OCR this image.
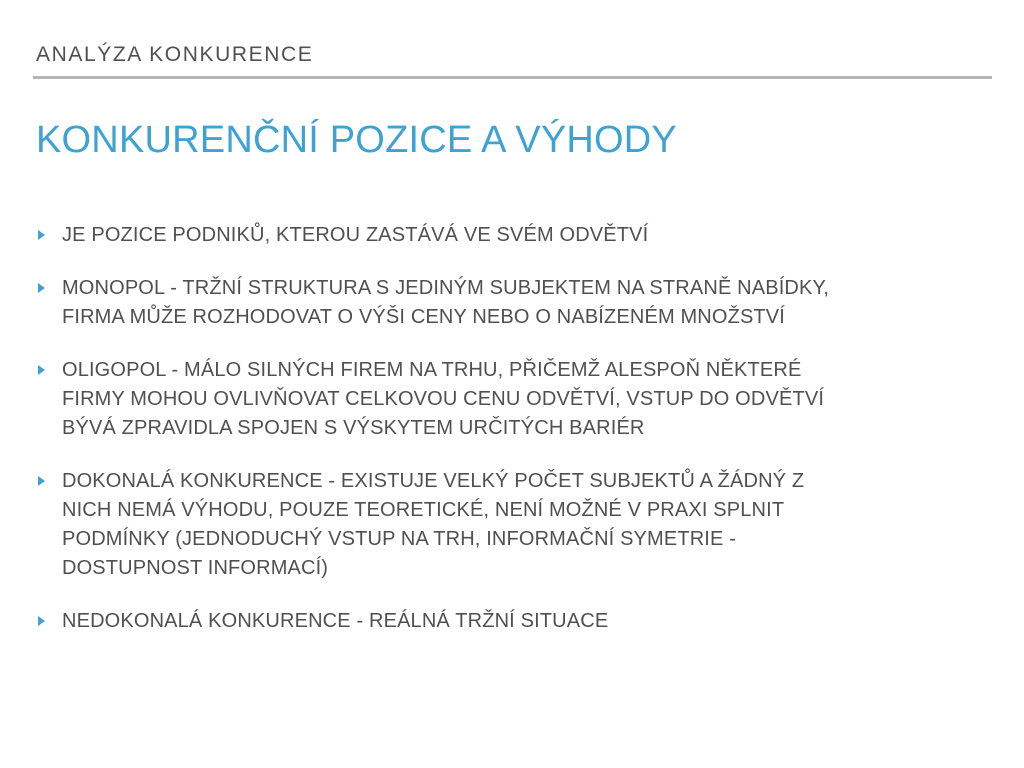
ANALÝZA KONKURENCE
KONKURENČNÍ POZICE A VÝHODY
JE POZICE PODNIKŮ, KTEROU ZASTÁVÁ VE SVÉM ODVĚTVÍ
MONOPOL - TRŽNÍ STRUKTURA S JEDINÝM SUBJEKTEM NA STRANĚ NABÍDKY,
FIRMA MŮŽE ROZHODOVAT O VÝŠI CENY NEBO O NABÍZENÉM MNOŽSTVÍ
OLIGOPOL - MÁLO SILNÝCH FIREM NA TRHU, PŘIČEMŽ ALESPOŇ NĚKTERÉ
FIRMY MOHOU OVLIVŇOVAT CELKOVOU CENU ODVĚTVÍ, VSTUP DO ODVĚTVÍ
BÝVÁ ZPRAVIDLA SPOJEN S VÝSKYTEM URČITÝCH BARIÉR
DOKONALÁ KONKURENCE - EXISTUJE VELKÝ POČET SUBJEKTŮ A ŽÁDNÝ Z
NICH NEMÁ VÝHODU, POUZE TEORETICKÉ, NENÍ MOŽNÉ V PRAXI SPLNIT
PODMÍNKY (JEDNODUCHÝ VSTUP NA TRH, INFORMAČNÍ SYMETRIE -
DOSTUPNOST INFORMACÍ)
NEDOKONALÁ KONKURENCE - REÁLNÁ TRŽNÍ SITUACE
